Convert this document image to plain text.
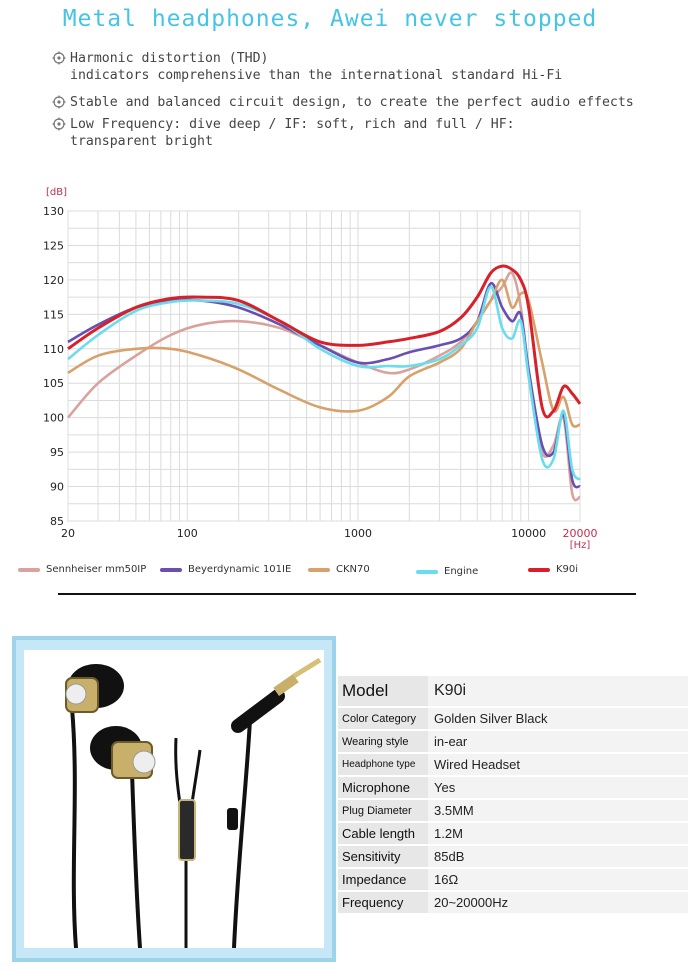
Metal headphones, Awei never stopped
Harmonic distortion (THD)
indicators comprehensive than the international standard Hi-Fi
Stable and balanced circuit design, to create the perfect audio effects
Low Frequency: dive deep / IF: soft, rich and full / HF:
transparent bright
85
90
95
100
105
110
115
120
125
130
20	100	1000	10000 20000
[dB]
[Hz]
Sennheiser mm50IP	Beyerdynamic 101IE	CKN70	Engine	K90i
Model	K90i
Color Category	Golden Silver Black
Wearing style	in-ear
Headphone type	Wired Headset
Microphone	Yes
Plug Diameter	3.5MM
Cable length	1.2M
Sensitivity	85dB
Impedance	16Ω
Frequency	20~20000Hz
